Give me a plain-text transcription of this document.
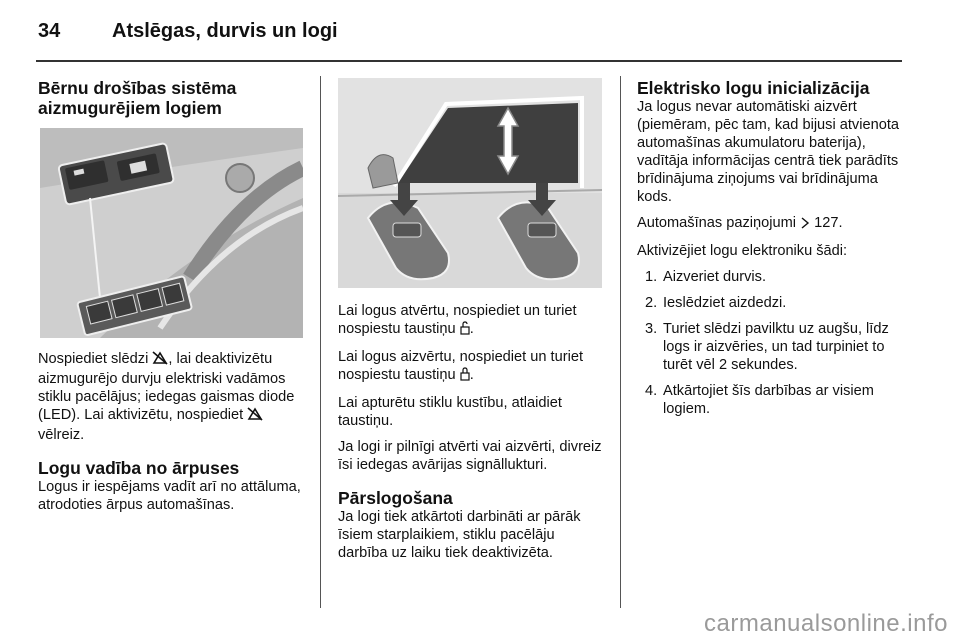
34	Atslēgas, durvis un logi
Bērnu drošības sistēma
aizmugurējiem logiem

Nospiediet slēdzi , lai deaktivizētu aizmugurējo durvju elektriski vadāmos stiklu pacēlājus; iedegas gaismas diode (LED). Lai aktivizētu, nospiediet  vēlreiz.

Logu vadība no ārpuses

Logus ir iespējams vadīt arī no attāluma, atrodoties ārpus automašīnas.

Lai logus atvērtu, nospiediet un turiet nospiestu taustiņu .

Lai logus aizvērtu, nospiediet un turiet nospiestu taustiņu .

Lai apturētu stiklu kustību, atlaidiet taustiņu.

Ja logi ir pilnīgi atvērti vai aizvērti, divreiz īsi iedegas avārijas signāllukturi.

Pārslogošana

Ja logi tiek atkārtoti darbināti ar pārāk īsiem starplaikiem, stiklu pacēlāju darbība uz laiku tiek deaktivizēta.

Elektrisko logu inicializācija

Ja logus nevar automātiski aizvērt (piemēram, pēc tam, kad bijusi atvienota automašīnas akumulatoru baterija), vadītāja informācijas centrā tiek parādīts brīdinājuma ziņojums vai brīdinājuma kods.

Automašīnas paziņojumi  127.

Aktivizējiet logu elektroniku šādi:

1. Aizveriet durvis.
2. Ieslēdziet aizdedzi.
3. Turiet slēdzi pavilktu uz augšu, līdz logs ir aizvēries, un tad turpiniet to turēt vēl 2 sekundes.
4. Atkārtojiet šīs darbības ar visiem logiem.
carmanualsonline.info
